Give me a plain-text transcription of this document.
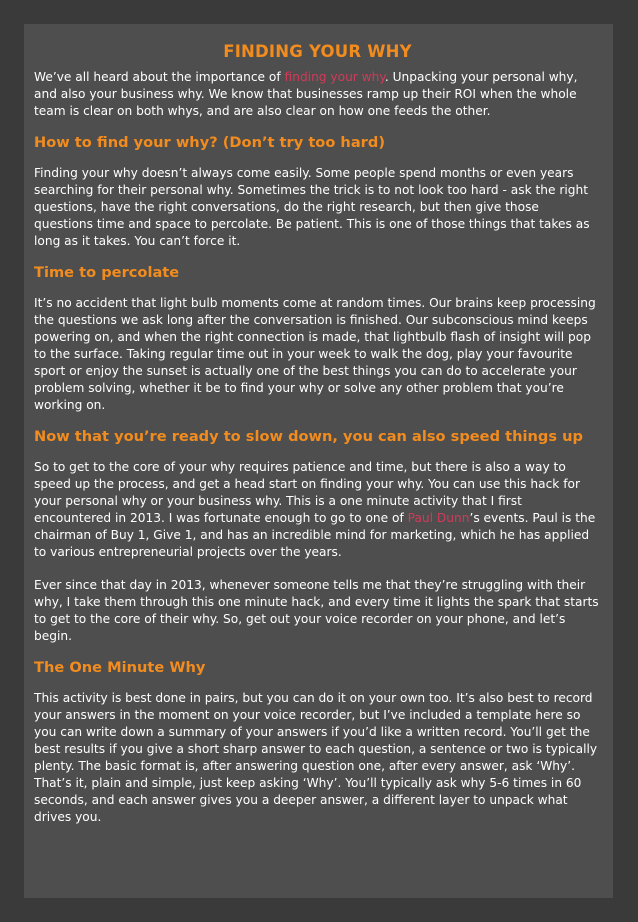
FINDING YOUR WHY

We’ve all heard about the importance of finding your why. Unpacking your personal why, and also your business why. We know that businesses ramp up their ROI when the whole team is clear on both whys, and are also clear on how one feeds the other.

How to find your why? (Don’t try too hard)

Finding your why doesn’t always come easily. Some people spend months or even years searching for their personal why. Sometimes the trick is to not look too hard - ask the right questions, have the right conversations, do the right research, but then give those questions time and space to percolate. Be patient. This is one of those things that takes as long as it takes. You can’t force it.

Time to percolate

It’s no accident that light bulb moments come at random times. Our brains keep processing the questions we ask long after the conversation is finished. Our subconscious mind keeps powering on, and when the right connection is made, that lightbulb flash of insight will pop to the surface. Taking regular time out in your week to walk the dog, play your favourite sport or enjoy the sunset is actually one of the best things you can do to accelerate your problem solving, whether it be to find your why or solve any other problem that you’re working on.

Now that you’re ready to slow down, you can also speed things up

So to get to the core of your why requires patience and time, but there is also a way to speed up the process, and get a head start on finding your why. You can use this hack for your personal why or your business why. This is a one minute activity that I first encountered in 2013. I was fortunate enough to go to one of Paul Dunn’s events. Paul is the chairman of Buy 1, Give 1, and has an incredible mind for marketing, which he has applied to various entrepreneurial projects over the years.

Ever since that day in 2013, whenever someone tells me that they’re struggling with their why, I take them through this one minute hack, and every time it lights the spark that starts to get to the core of their why. So, get out your voice recorder on your phone, and let’s begin.

The One Minute Why

This activity is best done in pairs, but you can do it on your own too. It’s also best to record your answers in the moment on your voice recorder, but I’ve included a template here so you can write down a summary of your answers if you’d like a written record. You’ll get the best results if you give a short sharp answer to each question, a sentence or two is typically plenty. The basic format is, after answering question one, after every answer, ask ‘Why’. That’s it, plain and simple, just keep asking ‘Why’. You’ll typically ask why 5-6 times in 60 seconds, and each answer gives you a deeper answer, a different layer to unpack what drives you.
